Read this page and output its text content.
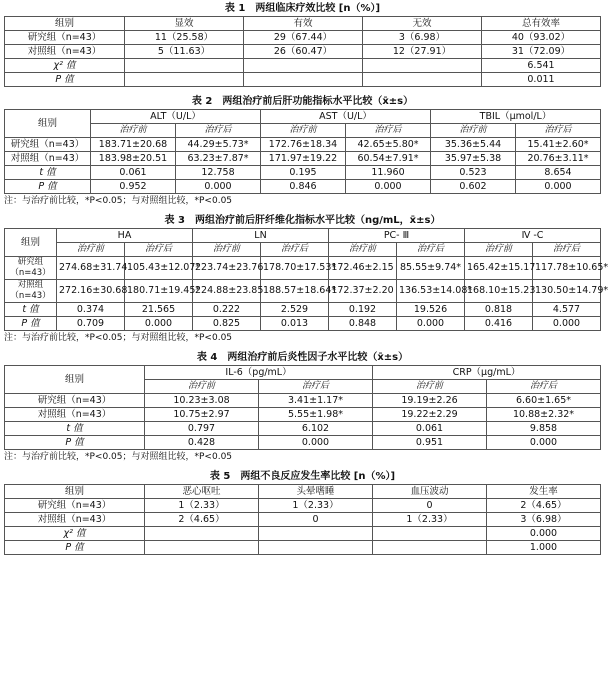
表 1　两组临床疗效比较 [n（%）]
组别	显效	有效	无效	总有效率
研究组（n=43）	11（25.58）	29（67.44）	3（6.98）	40（93.02）
对照组（n=43）	5（11.63）	26（60.47）	12（27.91）	31（72.09）
χ² 值				6.541
P 值				0.011
表 2　两组治疗前后肝功能指标水平比较（x̄±s）
组别	ALT（U/L）		AST（U/L）		TBIL（μmol/L）	
	治疗前	治疗后	治疗前	治疗后	治疗前	治疗后
研究组（n=43）	183.71±20.68	44.29±5.73*	172.76±18.34	42.65±5.80*	35.36±5.44	15.41±2.60*
对照组（n=43）	183.98±20.51	63.23±7.87*	171.97±19.22	60.54±7.91*	35.97±5.38	20.76±3.11*
t 值	0.061	12.758	0.195	11.960	0.523	8.654
P 值	0.952	0.000	0.846	0.000	0.602	0.000
注：与治疗前比较，*P<0.05；与对照组比较，*P<0.05
表 3　两组治疗前后肝纤维化指标水平比较（ng/mL，x̄±s）
组别	HA		LN		PC- Ⅲ		Ⅳ -C	
	治疗前	治疗后	治疗前	治疗后	治疗前	治疗后	治疗前	治疗后
研究组（n=43）	274.68±31.74	105.43±12.07*	223.74±23.76	178.70±17.53*	172.46±2.15	85.55±9.74*	165.42±15.17	117.78±10.65*
对照组（n=43）	272.16±30.68	180.71±19.45*	224.88±23.85	188.57±18.64*	172.37±2.20	136.53±14.08*	168.10±15.23	130.50±14.79*
t 值	0.374	21.565	0.222	2.529	0.192	19.526	0.818	4.577
P 值	0.709	0.000	0.825	0.013	0.848	0.000	0.416	0.000
注：与治疗前比较，*P<0.05；与对照组比较，*P<0.05
表 4　两组治疗前后炎性因子水平比较（x̄±s）
组别	IL-6（pg/mL）		CRP（μg/mL）	
	治疗前	治疗后	治疗前	治疗后
研究组（n=43）	10.23±3.08	3.41±1.17*	19.19±2.26	6.60±1.65*
对照组（n=43）	10.75±2.97	5.55±1.98*	19.22±2.29	10.88±2.32*
t 值	0.797	6.102	0.061	9.858
P 值	0.428	0.000	0.951	0.000
注：与治疗前比较，*P<0.05；与对照组比较，*P<0.05
表 5　两组不良反应发生率比较 [n（%）]
组别	恶心呕吐	头晕嗜睡	血压波动	发生率
研究组（n=43）	1（2.33）	1（2.33）	0	2（4.65）
对照组（n=43）	2（4.65）	0	1（2.33）	3（6.98）
χ² 值				0.000
P 值				1.000
